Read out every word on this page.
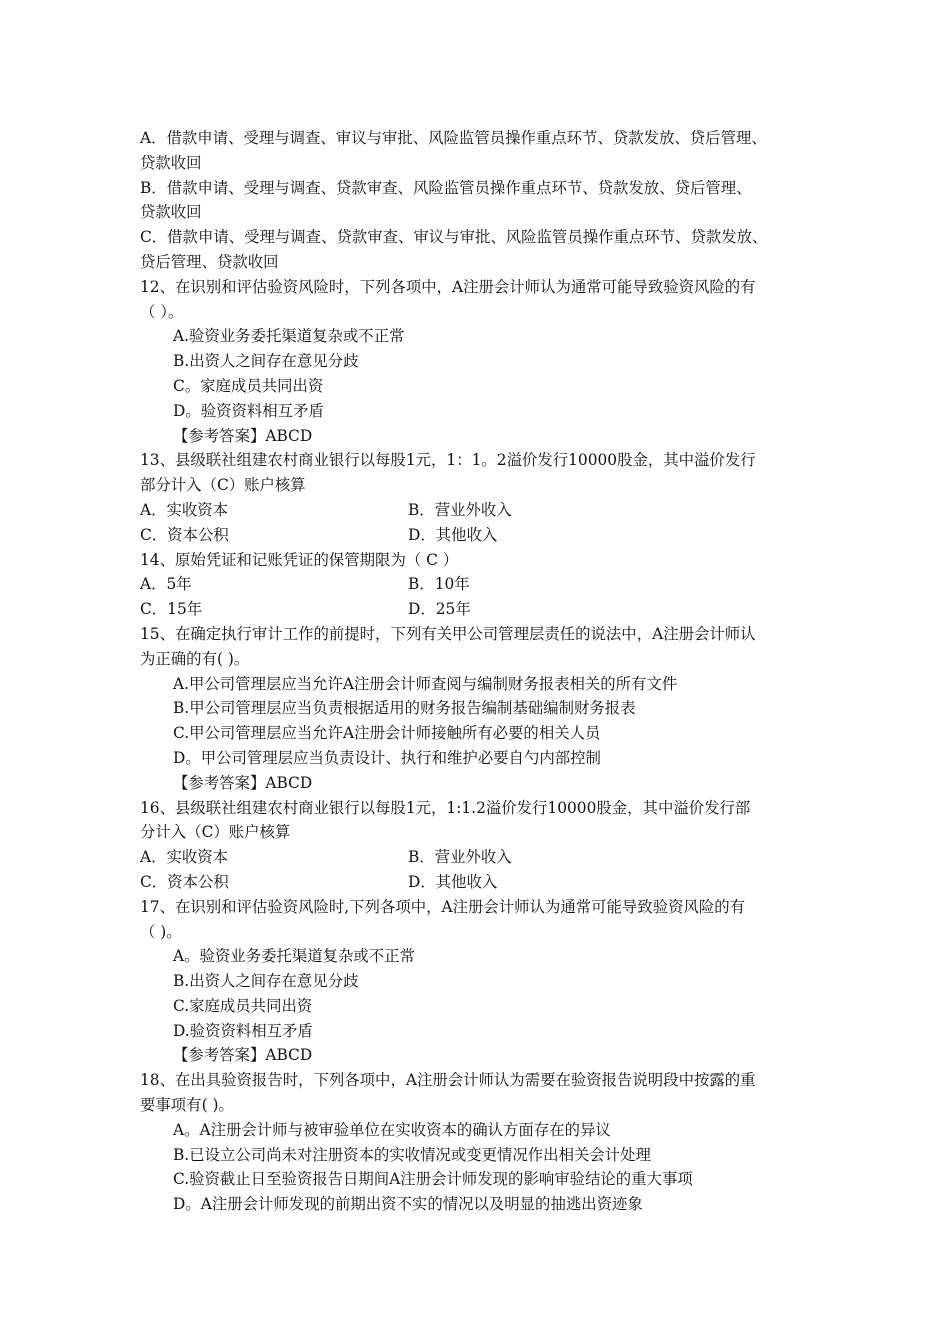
A．借款申请、受理与调查、审议与审批、风险监管员操作重点环节、贷款发放、贷后管理、
贷款收回
B．借款申请、受理与调查、贷款审查、风险监管员操作重点环节、贷款发放、贷后管理、
贷款收回
C．借款申请、受理与调查、贷款审查、审议与审批、风险监管员操作重点环节、贷款发放、
贷后管理、贷款收回
12、在识别和评估验资风险时，下列各项中，A注册会计师认为通常可能导致验资风险的有
（ ）。
A.验资业务委托渠道复杂或不正常
B.出资人之间存在意见分歧
C。家庭成员共同出资
D。验资资料相互矛盾
【参考答案】ABCD
13、县级联社组建农村商业银行以每股1元，1：1。2溢价发行10000股金，其中溢价发行
部分计入（C）账户核算
A．实收资本	B．营业外收入
C．资本公积	D．其他收入
14、原始凭证和记账凭证的保管期限为（ C ）
A．5年	B．10年
C．15年	D．25年
15、在确定执行审计工作的前提时，下列有关甲公司管理层责任的说法中，A注册会计师认
为正确的有( )。
A.甲公司管理层应当允许A注册会计师查阅与编制财务报表相关的所有文件
B.甲公司管理层应当负责根据适用的财务报告编制基础编制财务报表
C.甲公司管理层应当允许A注册会计师接触所有必要的相关人员
D。甲公司管理层应当负责设计、执行和维护必要自勺内部控制
【参考答案】ABCD
16、县级联社组建农村商业银行以每股1元，1:1.2溢价发行10000股金，其中溢价发行部
分计入（C）账户核算
A．实收资本	B．营业外收入
C．资本公积	D．其他收入
17、在识别和评估验资风险时,下列各项中，A注册会计师认为通常可能导致验资风险的有
（ )。
A。验资业务委托渠道复杂或不正常
B.出资人之间存在意见分歧
C.家庭成员共同出资
D.验资资料相互矛盾
【参考答案】ABCD
18、在出具验资报告时，下列各项中，A注册会计师认为需要在验资报告说明段中按露的重
要事项有( )。
A。A注册会计师与被审验单位在实收资本的确认方面存在的异议
B.已设立公司尚未对注册资本的实收情况或变更情况作出相关会计处理
C.验资截止日至验资报告日期间A注册会计师发现的影响审验结论的重大事项
D。A注册会计师发现的前期出资不实的情况以及明显的抽逃出资迹象
